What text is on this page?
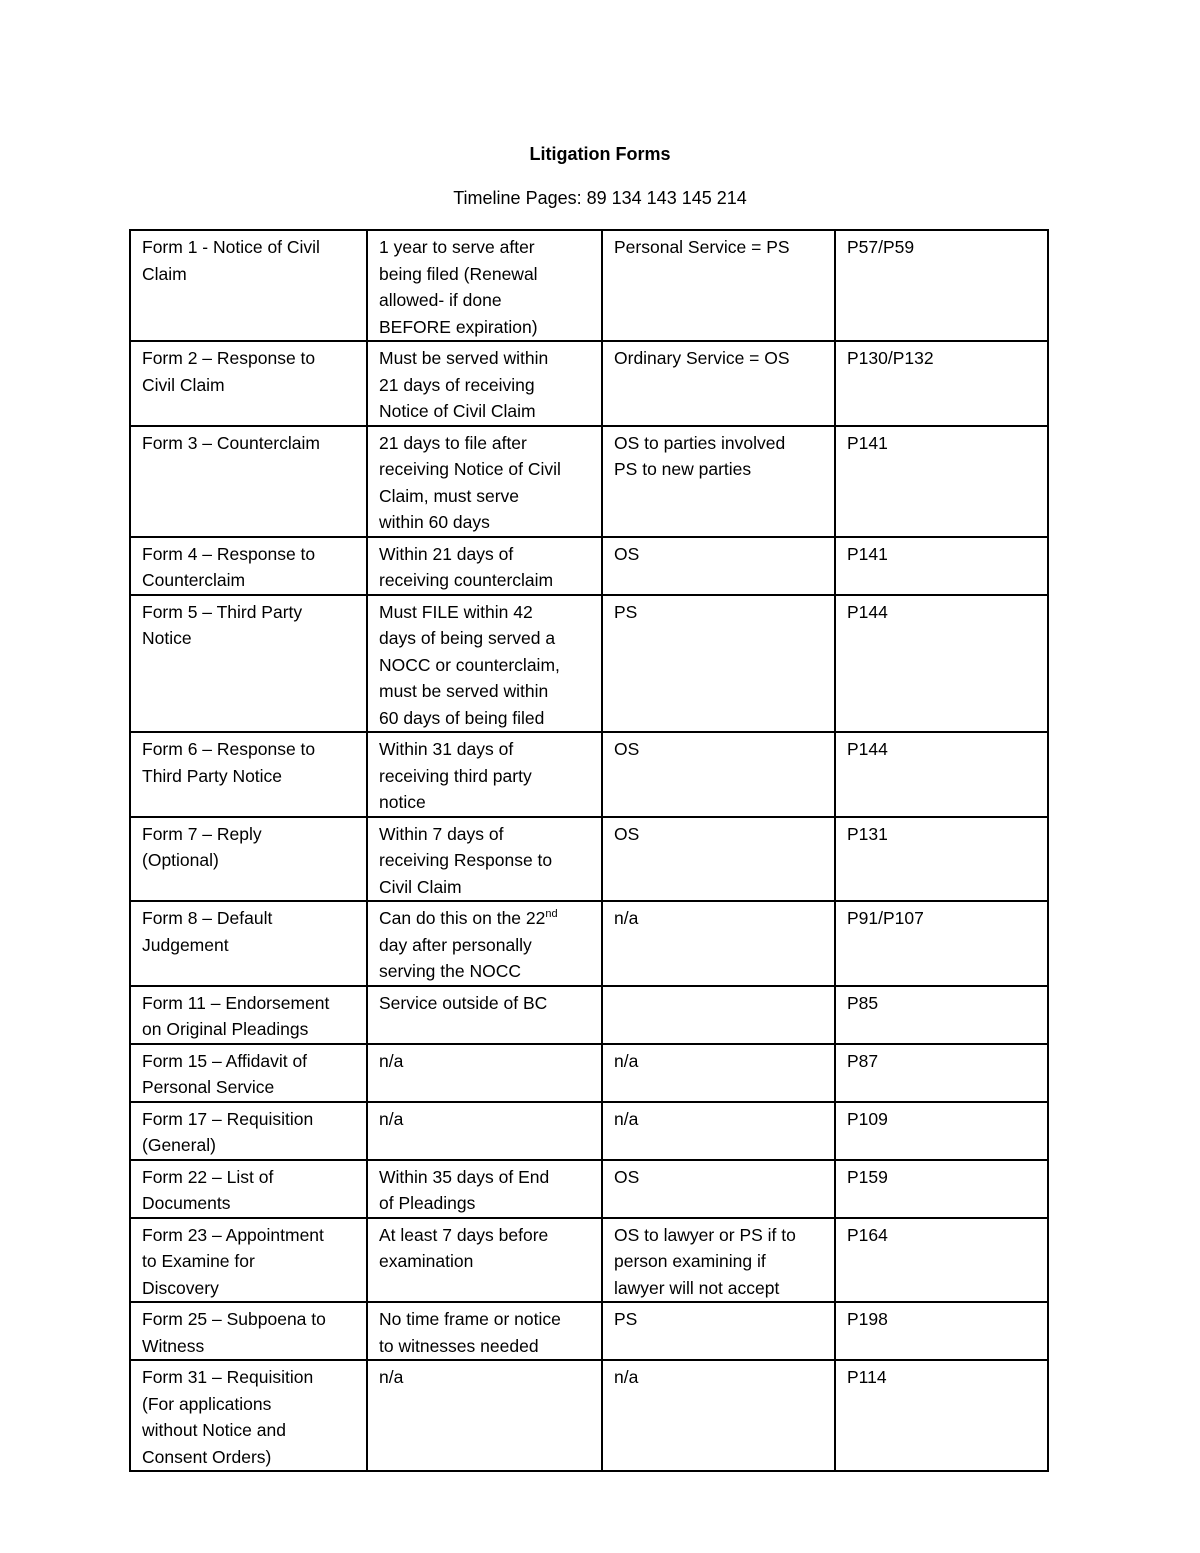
Litigation Forms
Timeline Pages: 89 134 143 145 214
Form 1 - Notice of Civil
Claim	1 year to serve after
being filed (Renewal
allowed- if done
BEFORE expiration)	Personal Service = PS	P57/P59

Form 2 – Response to
Civil Claim	Must be served within
21 days of receiving
Notice of Civil Claim	Ordinary Service = OS	P130/P132

Form 3 – Counterclaim	21 days to file after
receiving Notice of Civil
Claim, must serve
within 60 days	OS to parties involved
PS to new parties	P141

Form 4 – Response to
Counterclaim	Within 21 days of
receiving counterclaim	OS	P141

Form 5 – Third Party
Notice	Must FILE within 42
days of being served a
NOCC or counterclaim,
must be served within
60 days of being filed	PS	P144

Form 6 – Response to
Third Party Notice	Within 31 days of
receiving third party
notice	OS	P144

Form 7 – Reply
(Optional)	Within 7 days of
receiving Response to
Civil Claim	OS	P131

Form 8 – Default
Judgement	Can do this on the 22nd
day after personally
serving the NOCC	n/a	P91/P107

Form 11 – Endorsement
on Original Pleadings	Service outside of BC		P85

Form 15 – Affidavit of
Personal Service	n/a	n/a	P87

Form 17 – Requisition
(General)	n/a	n/a	P109

Form 22 – List of
Documents	Within 35 days of End
of Pleadings	OS	P159

Form 23 – Appointment
to Examine for
Discovery	At least 7 days before
examination	OS to lawyer or PS if to
person examining if
lawyer will not accept	P164

Form 25 – Subpoena to
Witness	No time frame or notice
to witnesses needed	PS	P198

Form 31 – Requisition
(For applications
without Notice and
Consent Orders)	n/a	n/a	P114
